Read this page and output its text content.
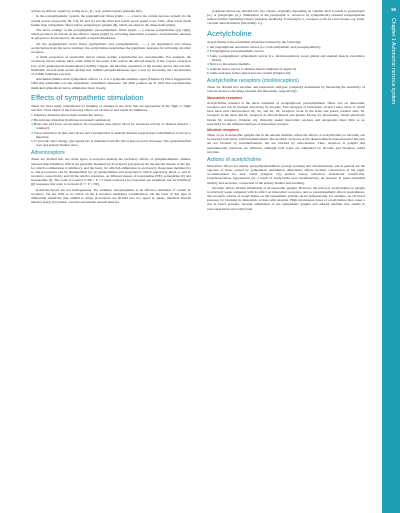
15
Chapter 1 Autonomic nervous system

actions on effector organs by acting on α-, β₁- or β₂-adrenoceptors (extreme left).

In the parasympathetic system, the preganglionic fibres (right, ——) leave the central nervous system via the cranial nerves (especially III, VII, IX and X) and the third and fourth sacral spinal roots. They often travel much further than sympathetic fibres before synapsing in ganglia (●), which are often in the tissue itself (right).

The nerve endings of the postganglionic parasympathetic fibres (right, ----) release acetylcholine (top right), which produces its actions on the effector organs (right) by activating muscarinic receptors. Acetylcholine released at synapses is inactivated by the enzyme acetylcholinesterase.

All the preganglionic nerve fibres (sympathetic and parasympathetic, ——) are myelinated and release acetylcholine from the nerve terminal; the acetylcholine depolarizes the ganglionic neurones by activating nicotinic receptors.

A small proportion of autonomic nerves release neither acetylcholine nor noradrenaline. For example, the cavernous nerves release nitric oxide (NO) in the penis. This relaxes the smooth muscle of the corpora cavernosa (via cyclic guanosine monophosphate [cGMP], Chapter 16) allowing expansion of the lacunar spaces and erection. Sildenafil, used in male sexual dysfunction, inhibits phosphodiesterase type 5 and, by increasing the concentration of cGMP, facilitates erection.

Adrenaline mimics most sympathetic effects, i.e. it is a sympatho-mimetic agent (Chapter 9). Elliot suggested in 1904 that adrenaline was the sympathetic transmitter substance, but Dale pointed out in 1910 that noradrenaline mimicked sympathetic nerve stimulation more closely.

Effects of sympathetic stimulation

These are most easily remembered by thinking of changes in the body that are appropriate in the 'fight or flight reaction'. Note which of the following effects are excitatory and which are inhibitory.

1Pupillary dilatation (more light reaches the retina).
2Bronchiolar dilatation (facilitates increased ventilation).
3Heart rate and force are increased; blood pressure rises (more blood for increased activity of skeletal muscles – running!).
4Vasoconstriction in skin and viscera and vasodilatation in skeletal muscles (appropriate redistribution of blood to muscles).
5To provide extra energy, glycogenolysis is stimulated and the blood glucose level increases. The gastrointestinal tract and urinary bladder relax.
Adrenoceptors

These are divided into two main types: α-receptors mediate the excitatory effects of sympathomimetic amines, whereas their inhibitory effects are generally mediated by β-receptors (exceptions are the smooth muscle of the gut, for which α-stimulation is inhibitory, and the heart, for which β-stimulation is excitatory). Responses mediated by α- and β-receptors can be distinguished by: (i) phentolamine and propranolol, which selectively block α- and β-receptors, respectively; and (ii) the relative potencies, on different tissues, of isoprenaline (NE), epinephrine (E) and isoprenaline (I). The order of potency is NE > E > I when excitatory (α) responses are examined, but for inhibitory (β) responses this order is reversed (I >> E > NE).

β-Adrenoceptors are not homogeneous. For example, norepinephrine is an effective stimulant of cardiac β-receptors, but has little or no action on the β receptors mediating vasodilatation. On the basis of this type of differential sensitivity they exhibit to drugs, β-receptors are divided into two types: β₁ (heart, intestinal smooth muscle) and β₂ (bronchial, vascular and uterine smooth muscle).

α-Adrenoceptors are divided into two classes, originally depending on whether their location is postsynaptic (α₁) or presynaptic (α₂). Stimulation of the presynaptic α₂ receptors by sympathically released norepinephrine reduces further transmitter release (negative feedback). Postsynaptic α₂ receptors occur in a few tissues, e.g. brain, vascular smooth muscle (but mainly α₁).

Acetylcholine

Acetylcholine is the transmitter substance released by the following:

1All preganglionic autonomic nerves (i.e. both sympathetic and parasympathetic).
2Postganglionic parasympathetic nerves.
3Some postganglionic sympathetic nerves (i.e. thermoregulatory sweat glands and skeletal muscle vasodilator fibres).
4Nerve to the adrenal medulla.
5Somatic motor nerves to skeletal muscle endplates (Chapter 6).
6Some neurones in the central nervous system (Chapter 22).
Acetylcholine receptors (cholinoceptors)

These are divided into nicotinic and muscarinic subtypes (originally determined by measuring the sensitivity of various tissues to the drugs nicotine and muscarine, respectively).

Muscarinic receptors

Acetylcholine released at the nerve terminals of postganglionic parasympathetic fibres acts on muscarinic receptors and can be blocked selectively by atropine. Five subtypes of muscarinic receptor exist, three of which have been well characterized: M₁, M₂ and M₃. M₁ receptors occur in the brain and gastric parietal cells, M₂ receptors in the heart and M₃ receptors in smooth muscle and glands. Except for pirenzepine, which selectively blocks M₁ receptors (Chapter 12), clinically useful muscarinic agonists and antagonists show little or no selectivity for the different subtypes of muscarinic receptor.

Nicotinic receptors

These occur in autonomic ganglia and in the adrenal medulla, where the effects of acetylcholine (or nicotine) can be blocked selectively with hexamethonium. The nicotinic receptors at the skeletal muscle neuromuscular junction are not blocked by hexamethonium, but are blocked by tubocurarine. Thus, receptors at ganglia and neuromuscular junctions are different, although both types are stimulated by nicotine and therefore called nicotinic.

Actions of acetylcholine

Muscarinic effects are mainly parasympathomimetic (except sweating and vasodilatation), and in general are the opposite of those caused by sympathetic stimulation. Muscarinic effects include: constriction of the pupil, accommodation for near vision (Chapter 10), profuse watery salivation, bronchiolar constriction, bronchosecretion, hypotension (as a result of bradycardia and vasodilatation), an increase in gastro-intestinal motility and secretion, contraction of the urinary bladder and sweating.

Nicotinic effects include stimulation of all autonomic ganglia. However, the action of acetylcholine on ganglia is relatively weak compared with its effect on muscarinic receptors, and so parasympathetic effects predominate. The nicotinic actions of acetylcholine on the sympathetic system can be demonstrated, for example, on cat blood pressure, by blocking its muscarinic actions with atropine. High intravenous doses of acetylcholine then cause a rise in blood pressure, because stimulation of the sympathetic ganglia and adrenal medulla now results in vasoconstriction and tachycardia.
